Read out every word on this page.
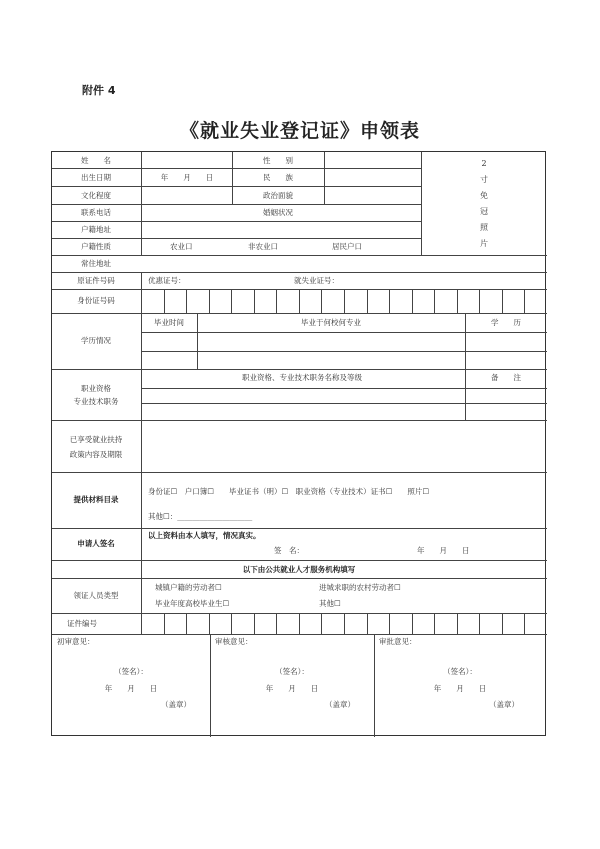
附件 4
《就业失业登记证》申领表
姓　　名	性　　别
出生日期	年　　月　　日	民　　族
文化程度	政治面貌
联系电话	婚姻状况
户籍地址
户籍性质	农业口	非农业口	居民户口
常住地址
原证件号码	优惠证号：	就失业证号：
身份证号码
2
寸
免
冠
照
片
学历情况
毕业时间	毕业于何校何专业	学　　历
职业资格
专业技术职务
职业资格、专业技术职务名称及等级	备　　注
已享受就业扶持
政策内容及期限
提供材料目录
身份证☐　户口簿☐　　毕业证书（明）☐　职业资格（专业技术）证书☐　　照片☐
其他☐：____________________
申请人签名
以上资料由本人填写，情况真实。
签　名：	年　　月　　日
以下由公共就业人才服务机构填写
领证人员类型
城镇户籍的劳动者☐	进城求职的农村劳动者☐
毕业年度高校毕业生☐	其他☐
证件编号
初审意见：
（签名）：
年　　月　　日
（盖章）
审核意见：
（签名）：
年　　月　　日
（盖章）
审批意见：
（签名）：
年　　月　　日
（盖章）
